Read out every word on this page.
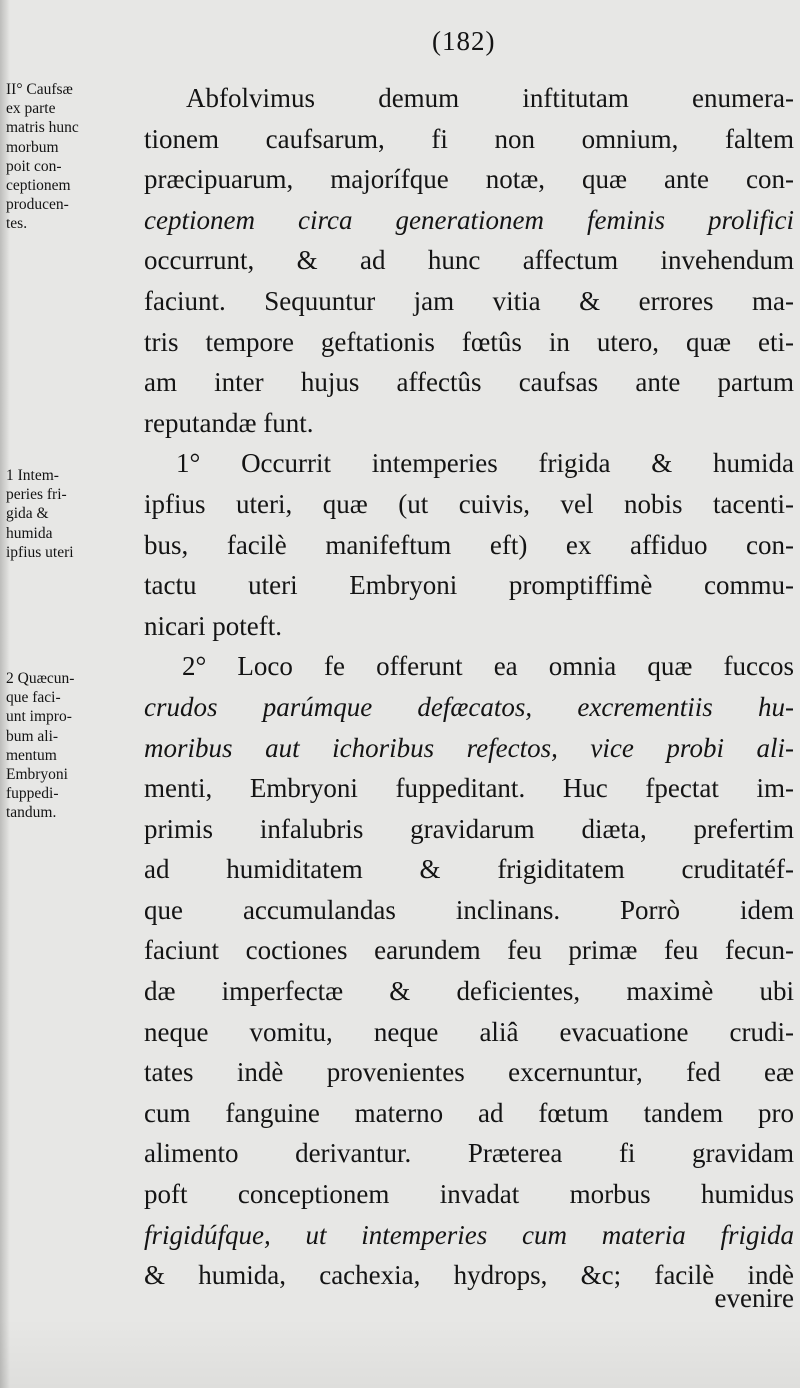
(182)
II° Caufsæ
ex parte
matris hunc
morbum
poit con-
ceptionem
producen-
tes.
1 Intem-
peries fri-
gida &
humida
ipfius uteri
2 Quæcun-
que faci-
unt impro-
bum ali-
mentum
Embryoni
fuppedi-
tandum.
Abfolvimus demum inftitutam enumera-
tionem caufsarum, fi non omnium, faltem
præcipuarum, majorífque notæ, quæ ante con-
ceptionem circa generationem feminis prolifici
occurrunt, & ad hunc affectum invehendum
faciunt. Sequuntur jam vitia & errores ma-
tris tempore geftationis fœtûs in utero, quæ eti-
am inter hujus affectûs caufsas ante partum
reputandæ funt.
1° Occurrit intemperies frigida & humida
ipfius uteri, quæ (ut cuivis, vel nobis tacenti-
bus, facilè manifeftum eft) ex affiduo con-
tactu uteri Embryoni promptiffimè commu-
nicari poteft.
2° Loco fe offerunt ea omnia quæ fuccos
crudos parúmque defæcatos, excrementiis hu-
moribus aut ichoribus refectos, vice probi ali-
menti, Embryoni fuppeditant. Huc fpectat im-
primis infalubris gravidarum diæta, prefertim
ad humiditatem & frigiditatem cruditatéf-
que accumulandas inclinans. Porrò idem
faciunt coctiones earundem feu primæ feu fecun-
dæ imperfectæ & deficientes, maximè ubi
neque vomitu, neque aliâ evacuatione crudi-
tates indè provenientes excernuntur, fed eæ
cum fanguine materno ad fœtum tandem pro
alimento derivantur. Præterea fi gravidam
poft conceptionem invadat morbus humidus
frigidúfque, ut intemperies cum materia frigida
& humida, cachexia, hydrops, &c; facilè indè
evenire
